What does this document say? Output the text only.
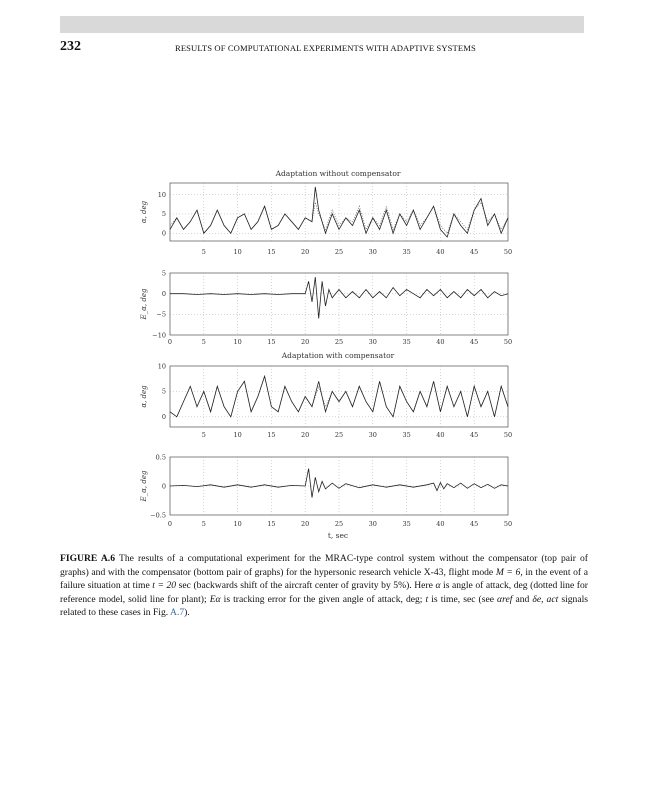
232	RESULTS OF COMPUTATIONAL EXPERIMENTS WITH ADAPTIVE SYSTEMS
Adaptation without compensator
Adaptation with compensator
t, sec
5	10	15	20	25	30	35	40	45	50
0
5
10
α, deg
0	5	10	15	20	25	30	35	40	45	50
−10
−5
0
5
E_α, deg
5	10	15	20	25	30	35	40	45	50
0
5
10
α, deg
0	5	10	15	20	25	30	35	40	45	50
−0.5
0
0.5
E_α, deg
FIGURE A.6 The results of a computational experiment for the MRAC-type control system without the compensator (top pair of graphs) and with the compensator (bottom pair of graphs) for the hypersonic research vehicle X-43, flight mode M = 6, in the event of a failure situation at time t = 20 sec (backwards shift of the aircraft center of gravity by 5%). Here α is angle of attack, deg (dotted line for reference model, solid line for plant); Eα is tracking error for the given angle of attack, deg; t is time, sec (see αref and δe, act signals related to these cases in Fig. A.7).
